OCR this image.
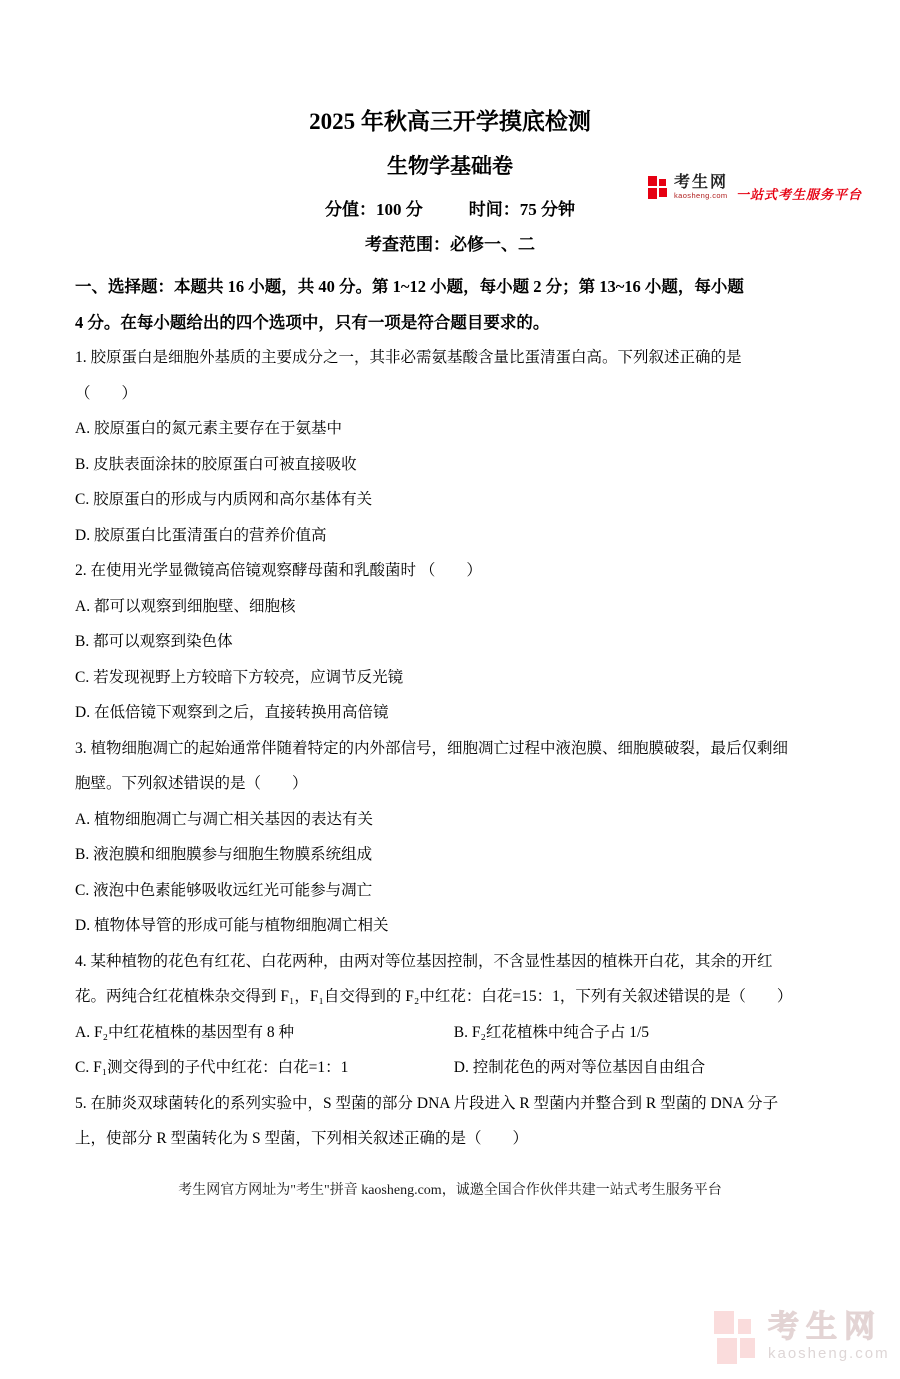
考生网
kaosheng.com 一站式考生服务平台
2025 年秋高三开学摸底检测
生物学基础卷
分值：100 分	时间：75 分钟
考查范围：必修一、二
一、选择题：本题共 16 小题，共 40 分。第 1~12 小题，每小题 2 分；第 13~16 小题，每小题
4 分。在每小题给出的四个选项中，只有一项是符合题目要求的。
1. 胶原蛋白是细胞外基质的主要成分之一，其非必需氨基酸含量比蛋清蛋白高。下列叙述正确的是
（　　）
A. 胶原蛋白的氮元素主要存在于氨基中
B. 皮肤表面涂抹的胶原蛋白可被直接吸收
C. 胶原蛋白的形成与内质网和高尔基体有关
D. 胶原蛋白比蛋清蛋白的营养价值高
2. 在使用光学显微镜高倍镜观察酵母菌和乳酸菌时 （　　）
A. 都可以观察到细胞壁、细胞核
B. 都可以观察到染色体
C. 若发现视野上方较暗下方较亮，应调节反光镜
D. 在低倍镜下观察到之后，直接转换用高倍镜
3. 植物细胞凋亡的起始通常伴随着特定的内外部信号，细胞凋亡过程中液泡膜、细胞膜破裂，最后仅剩细
胞壁。下列叙述错误的是（　　）
A. 植物细胞凋亡与凋亡相关基因的表达有关
B. 液泡膜和细胞膜参与细胞生物膜系统组成
C. 液泡中色素能够吸收远红光可能参与凋亡
D. 植物体导管的形成可能与植物细胞凋亡相关
4. 某种植物的花色有红花、白花两种，由两对等位基因控制，不含显性基因的植株开白花，其余的开红
花。两纯合红花植株杂交得到 F₁，F₁自交得到的 F₂中红花：白花=15：1，下列有关叙述错误的是（　　）
A. F₂中红花植株的基因型有 8 种	B. F₂红花植株中纯合子占 1/5
C. F₁测交得到的子代中红花：白花=1：1	D. 控制花色的两对等位基因自由组合
5. 在肺炎双球菌转化的系列实验中，S 型菌的部分 DNA 片段进入 R 型菌内并整合到 R 型菌的 DNA 分子
上，使部分 R 型菌转化为 S 型菌，下列相关叙述正确的是（　　）
考生网官方网址为"考生"拼音 kaosheng.com，诚邀全国合作伙伴共建一站式考生服务平台
考生网
kaosheng.com
